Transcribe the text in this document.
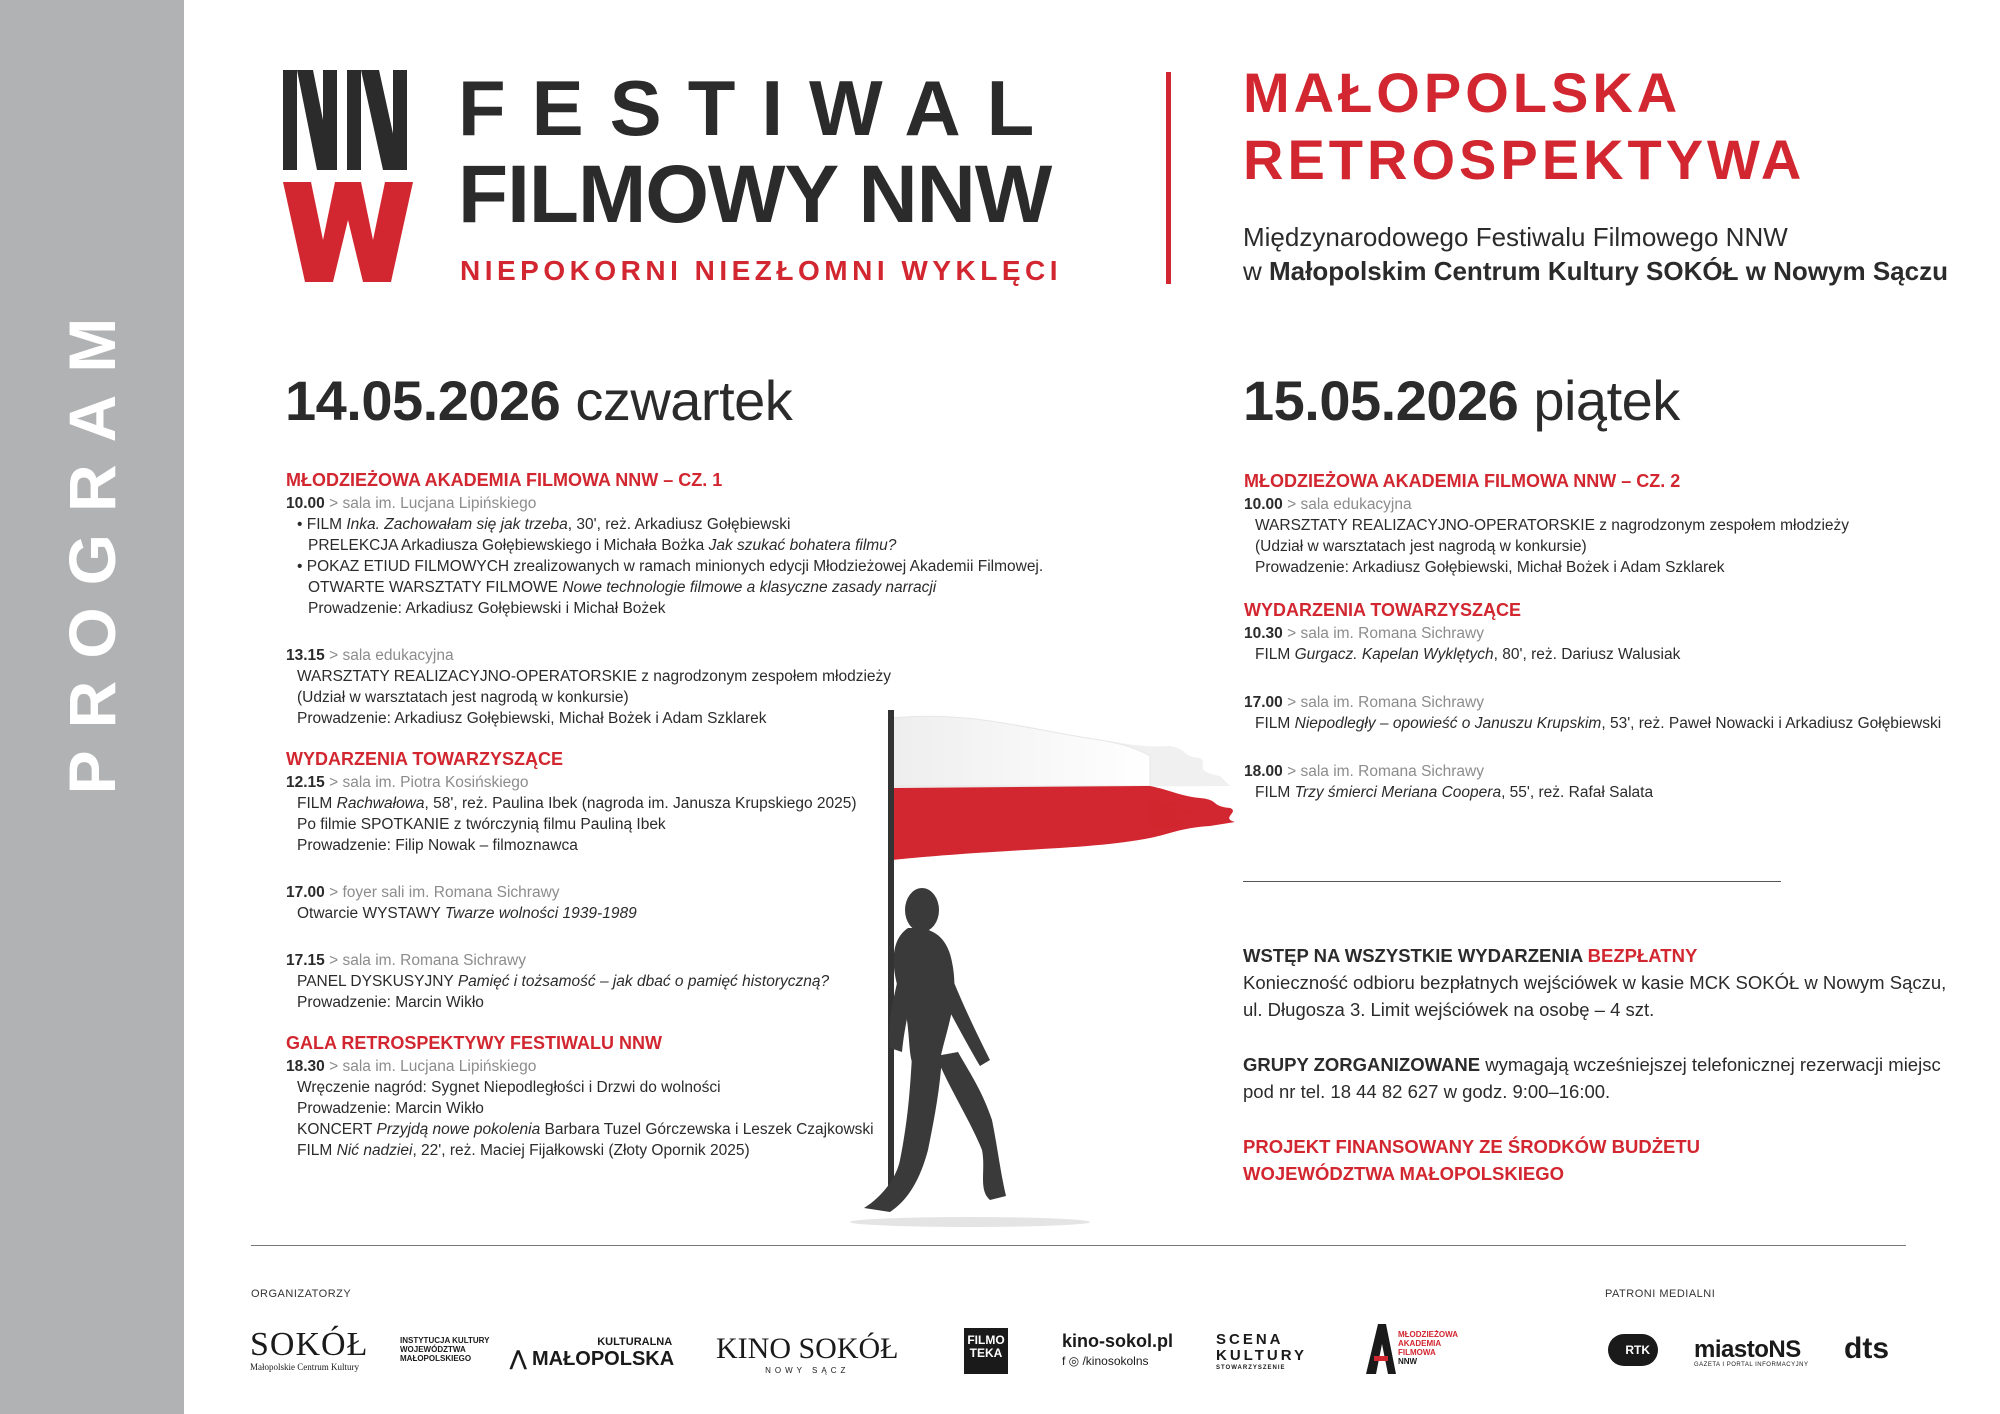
PROGRAM
FESTIWAL
FILMOWY NNW
NIEPOKORNI NIEZŁOMNI WYKLĘCI
MAŁOPOLSKA
RETROSPEKTYWA
Międzynarodowego Festiwalu Filmowego NNW
w Małopolskim Centrum Kultury SOKÓŁ w Nowym Sączu
14.05.2026 czwartek
MŁODZIEŻOWA AKADEMIA FILMOWA NNW – CZ. 1
10.00 > sala im. Lucjana Lipińskiego
• FILM Inka. Zachowałam się jak trzeba, 30', reż. Arkadiusz Gołębiewski
PRELEKCJA Arkadiusza Gołębiewskiego i Michała Bożka Jak szukać bohatera filmu?
• POKAZ ETIUD FILMOWYCH zrealizowanych w ramach minionych edycji Młodzieżowej Akademii Filmowej.
OTWARTE WARSZTATY FILMOWE Nowe technologie filmowe a klasyczne zasady narracji
Prowadzenie: Arkadiusz Gołębiewski i Michał Bożek
13.15 > sala edukacyjna
WARSZTATY REALIZACYJNO-OPERATORSKIE z nagrodzonym zespołem młodzieży
(Udział w warsztatach jest nagrodą w konkursie)
Prowadzenie: Arkadiusz Gołębiewski, Michał Bożek i Adam Szklarek
WYDARZENIA TOWARZYSZĄCE
12.15 > sala im. Piotra Kosińskiego
FILM Rachwałowa, 58', reż. Paulina Ibek (nagroda im. Janusza Krupskiego 2025)
Po filmie SPOTKANIE z twórczynią filmu Pauliną Ibek
Prowadzenie: Filip Nowak – filmoznawca
17.00 > foyer sali im. Romana Sichrawy
Otwarcie WYSTAWY Twarze wolności 1939-1989
17.15 > sala im. Romana Sichrawy
PANEL DYSKUSYJNY Pamięć i tożsamość – jak dbać o pamięć historyczną?
Prowadzenie: Marcin Wikło
GALA RETROSPEKTYWY FESTIWALU NNW
18.30 > sala im. Lucjana Lipińskiego
Wręczenie nagród: Sygnet Niepodległości i Drzwi do wolności
Prowadzenie: Marcin Wikło
KONCERT Przyjdą nowe pokolenia Barbara Tuzel Górczewska i Leszek Czajkowski
FILM Nić nadziei, 22', reż. Maciej Fijałkowski (Złoty Opornik 2025)
15.05.2026 piątek
MŁODZIEŻOWA AKADEMIA FILMOWA NNW – CZ. 2
10.00 > sala edukacyjna
WARSZTATY REALIZACYJNO-OPERATORSKIE z nagrodzonym zespołem młodzieży
(Udział w warsztatach jest nagrodą w konkursie)
Prowadzenie: Arkadiusz Gołębiewski, Michał Bożek i Adam Szklarek
WYDARZENIA TOWARZYSZĄCE
10.30 > sala im. Romana Sichrawy
FILM Gurgacz. Kapelan Wyklętych, 80', reż. Dariusz Walusiak
17.00 > sala im. Romana Sichrawy
FILM Niepodległy – opowieść o Januszu Krupskim, 53', reż. Paweł Nowacki i Arkadiusz Gołębiewski
18.00 > sala im. Romana Sichrawy
FILM Trzy śmierci Meriana Coopera, 55', reż. Rafał Salata
WSTĘP NA WSZYSTKIE WYDARZENIA BEZPŁATNY
Konieczność odbioru bezpłatnych wejściówek w kasie MCK SOKÓŁ w Nowym Sączu,
ul. Długosza 3. Limit wejściówek na osobę – 4 szt.
GRUPY ZORGANIZOWANE wymagają wcześniejszej telefonicznej rezerwacji miejsc
pod nr tel. 18 44 82 627 w godz. 9:00–16:00.
PROJEKT FINANSOWANY ZE ŚRODKÓW BUDŻETU
WOJEWÓDZTWA MAŁOPOLSKIEGO
ORGANIZATORZY	PATRONI MEDIALNI
SOKÓŁ
Małopolskie Centrum Kultury
INSTYTUCJA KULTURY
WOJEWÓDZTWA
MAŁOPOLSKIEGO
KULTURALNA
⋀ MAŁOPOLSKA KINO SOKÓŁ
NOWY SĄCZ
FILMO
TEKA
kino-sokol.pl
f ◎ /kinosokolns
SCENA
KULTURY
STOWARZYSZENIE
MŁODZIEŻOWA
AKADEMIA
FILMOWA
NNW
RTK	miastoNS
GAZETA I PORTAL INFORMACYJNY dts
